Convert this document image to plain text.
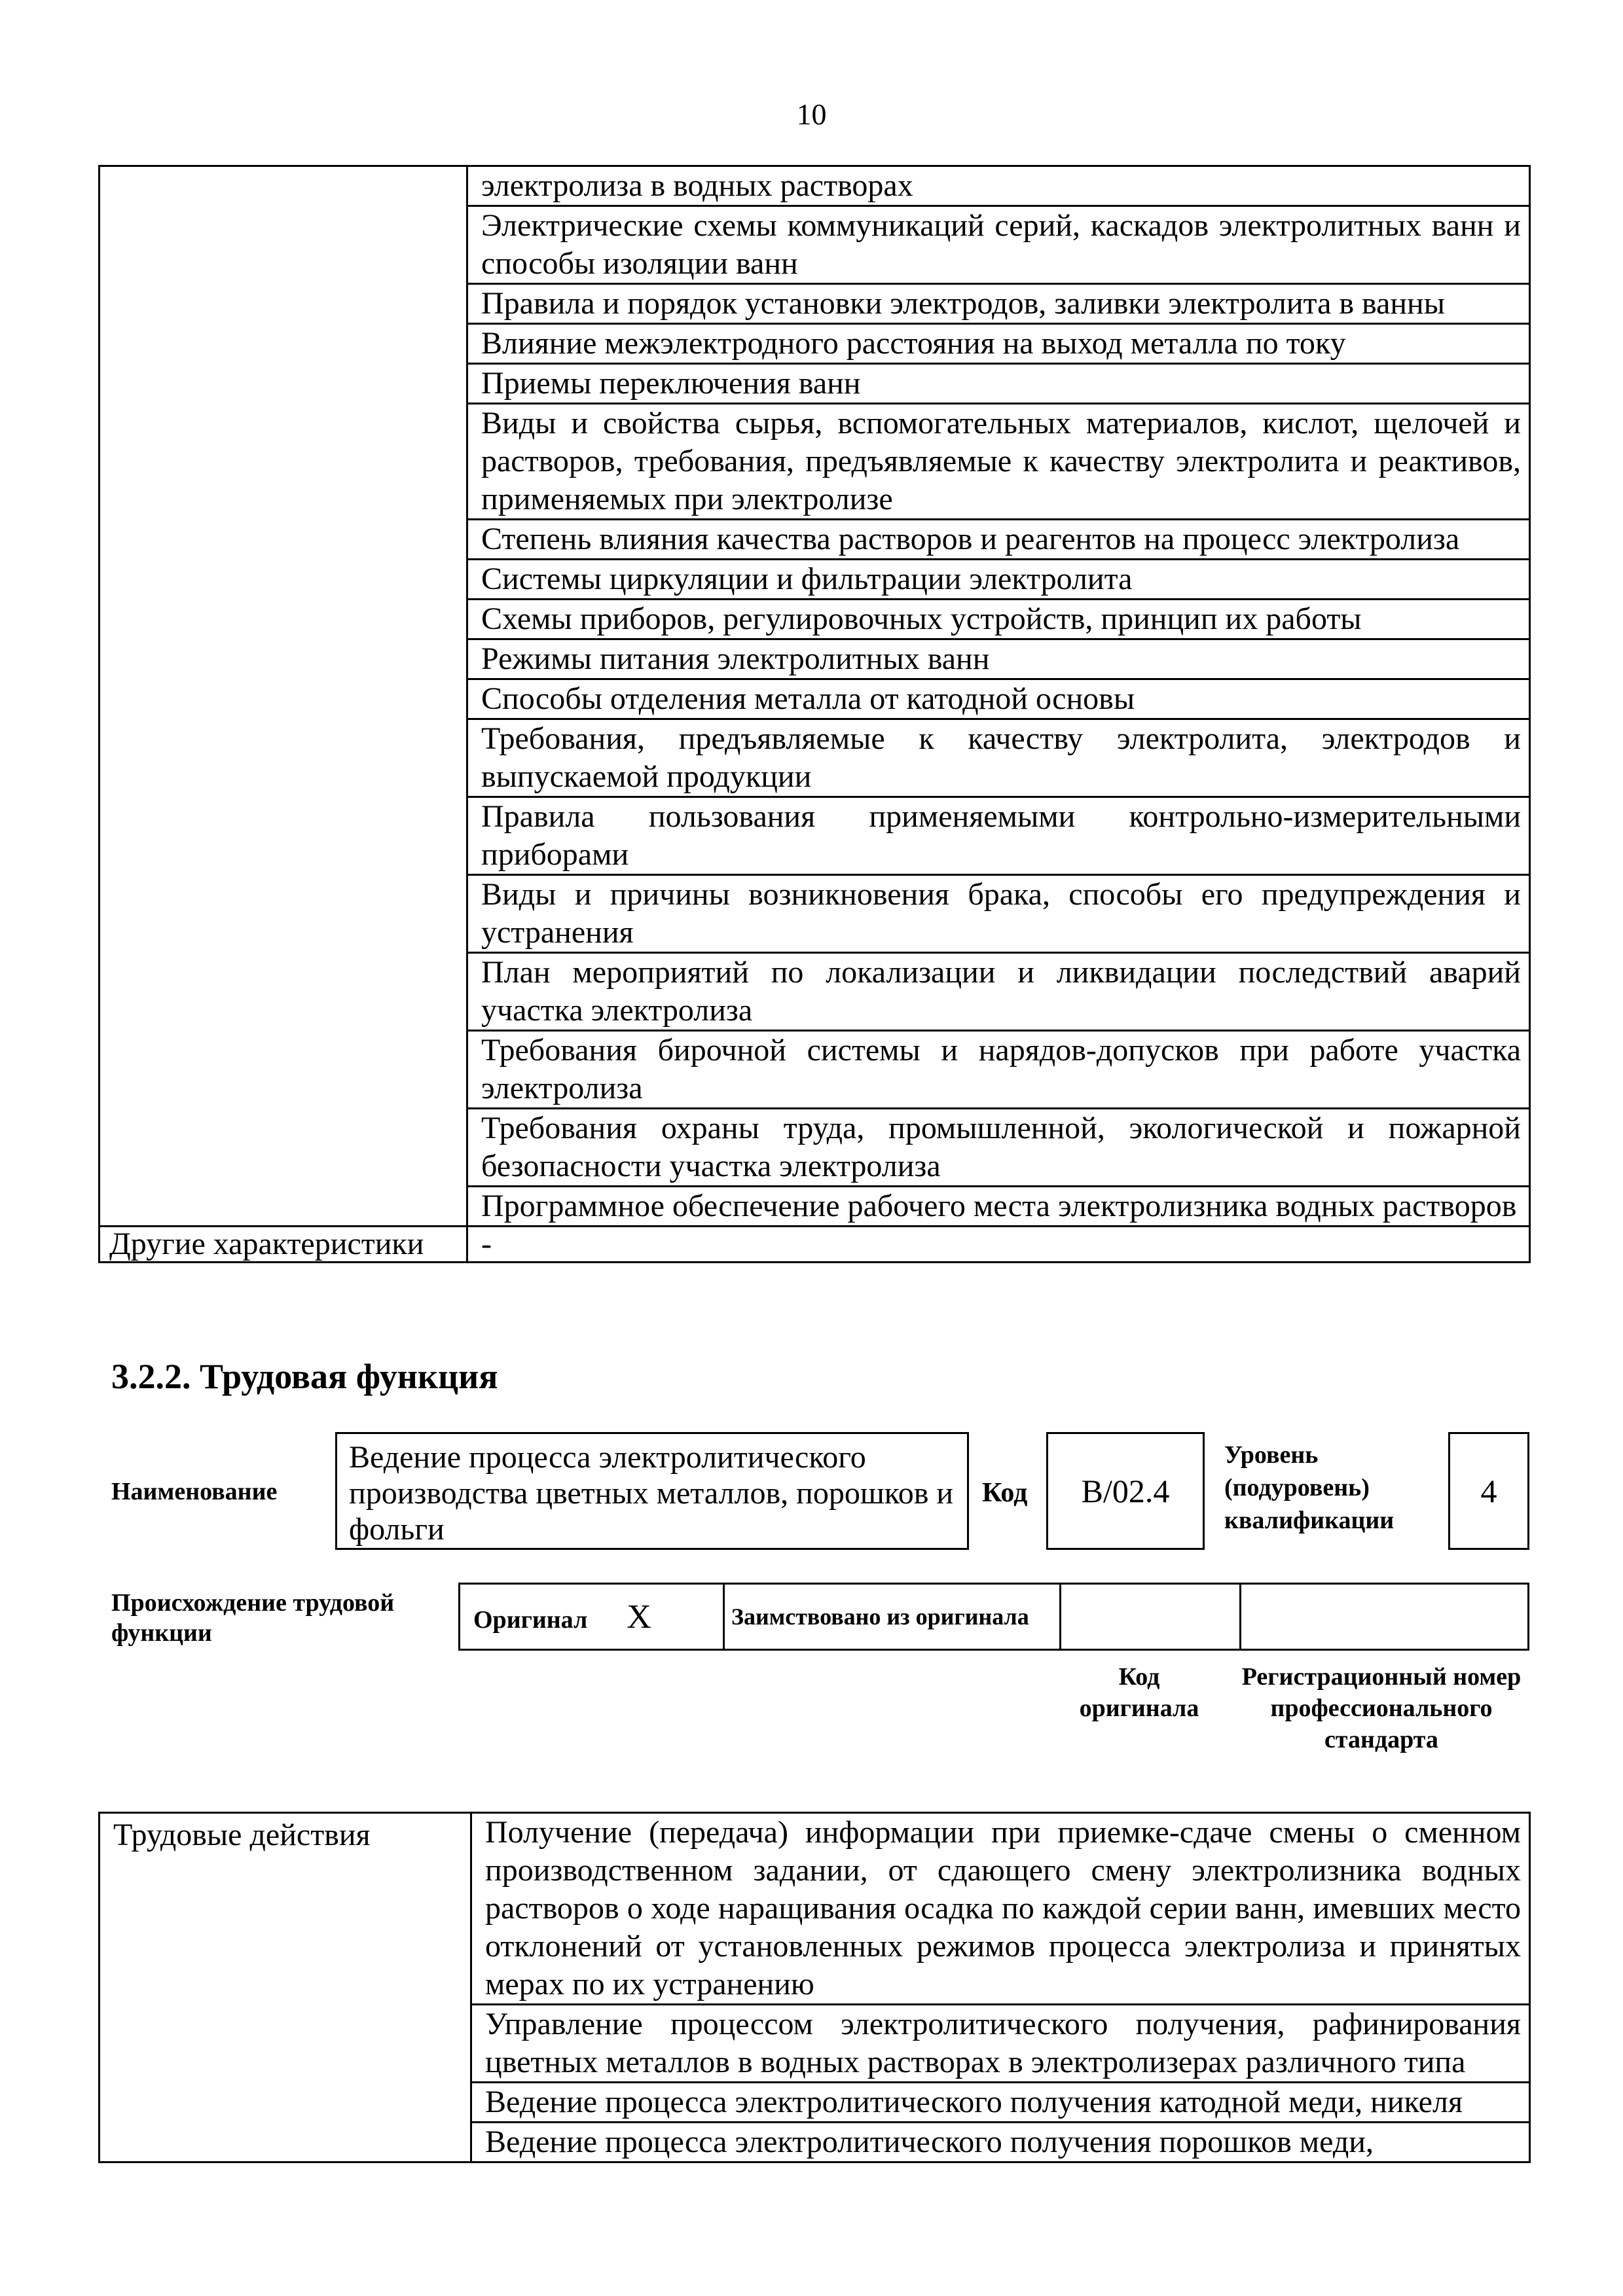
10
	электролиза в водных растворах
	Электрические схемы коммуникаций серий, каскадов электролитных ванн и способы изоляции ванн
	Правила и порядок установки электродов, заливки электролита в ванны
	Влияние межэлектродного расстояния на выход металла по току
	Приемы переключения ванн
	Виды и свойства сырья, вспомогательных материалов, кислот, щелочей и растворов, требования, предъявляемые к качеству электролита и реактивов, применяемых при электролизе
	Степень влияния качества растворов и реагентов на процесс электролиза
	Системы циркуляции и фильтрации электролита
	Схемы приборов, регулировочных устройств, принцип их работы
	Режимы питания электролитных ванн
	Способы отделения металла от катодной основы
	Требования, предъявляемые к качеству электролита, электродов и выпускаемой продукции
	Правила пользования применяемыми контрольно-измерительными приборами
	Виды и причины возникновения брака, способы его предупреждения и устранения
	План мероприятий по локализации и ликвидации последствий аварий участка электролиза
	Требования бирочной системы и нарядов-допусков при работе участка электролиза
	Требования охраны труда, промышленной, экологической и пожарной безопасности участка электролиза
	Программное обеспечение рабочего места электролизника водных растворов
Другие характеристики	-
3.2.2. Трудовая функция
Наименование
Ведение процесса электролитического производства цветных металлов, порошков и фольги
Код	B/02.4
Уровень (подуровень) квалификации
4
Происхождение трудовой функции	Оригинал X	Заимствовано из оригинала		
Код оригинала
Регистрационный номер профессионального стандарта
Трудовые действия	Получение (передача) информации при приемке-сдаче смены о сменном производственном задании, от сдающего смену электролизника водных растворов о ходе наращивания осадка по каждой серии ванн, имевших место отклонений от установленных режимов процесса электролиза и принятых мерах по их устранению
Управление процессом электролитического получения, рафинирования цветных металлов в водных растворах в электролизерах различного типа
Ведение процесса электролитического получения катодной меди, никеля
Ведение процесса электролитического получения порошков меди,
